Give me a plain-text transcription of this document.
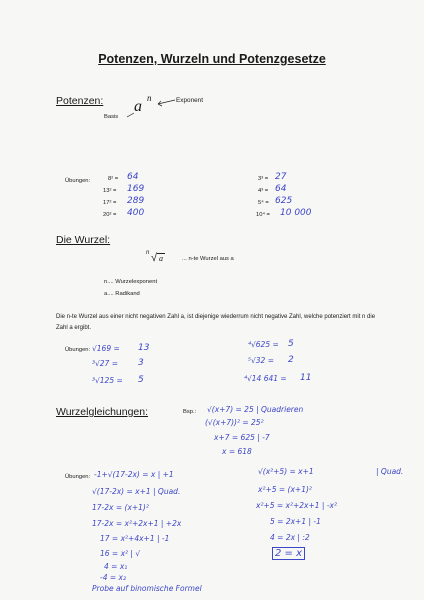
Potenzen, Wurzeln und Potenzgesetze
Potenzen: a n	Exponent
Basis
Übungen:	8² = 64
13² = 169
17² = 289
20² = 400
3³ = 27
4³ = 64
5⁴ = 625
10⁴ = 10 000
Die Wurzel:
n √ a	... n-te Wurzel aus a
n.... Wurzelexponent
a.... Radikand
Die n-te Wurzel aus einer nicht negativen Zahl a, ist diejenige wiederrum nicht negative Zahl, welche potenziert mit n die Zahl a ergibt.
Übungen: √169 = 13
³√27 = 3
³√125 = 5
⁴√625 = 5
⁵√32 = 2
⁴√14 641 = 11
Wurzelgleichungen:	Bsp.: √(x+7) = 25 | Quadrieren
(√(x+7))² = 25²
x+7 = 625 | -7
x = 618
Übungen: -1+√(17-2x) = x | +1
√(17-2x) = x+1 | Quad.
17-2x = (x+1)²
17-2x = x²+2x+1 | +2x
17 = x²+4x+1 | -1
16 = x² | √
4 = x₁
-4 = x₂
Probe auf binomische Formel
√(x²+5) = x+1
x²+5 = (x+1)²
x²+5 = x²+2x+1 | -x²
5 = 2x+1 | -1
4 = 2x | :2
2 = x
| Quad.
